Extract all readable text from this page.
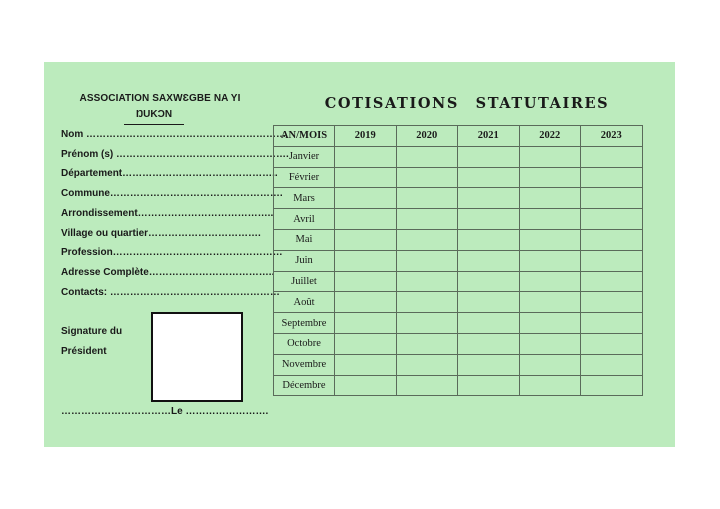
ASSOCIATION SAXWƐGBE NA YI
ŊUKƆN
Nom ……………………………………………………
Prénom (s) …………………………………………….
Département………………………………………..
Commune…………………………………………….
Arrondissement…………………………………..
Village ou quartier…………………………….
Profession……………………………………………
Adresse Complète………………………………..
Contacts: ……………………………………………
Signature du
Président
……………………………Le …………………….
COTISATIONS STATUTAIRES
AN/MOIS	2019	2020	2021	2022	2023
Janvier					
Février					
Mars					
Avril					
Mai					
Juin					
Juillet					
Août					
Septembre					
Octobre					
Novembre					
Décembre					
